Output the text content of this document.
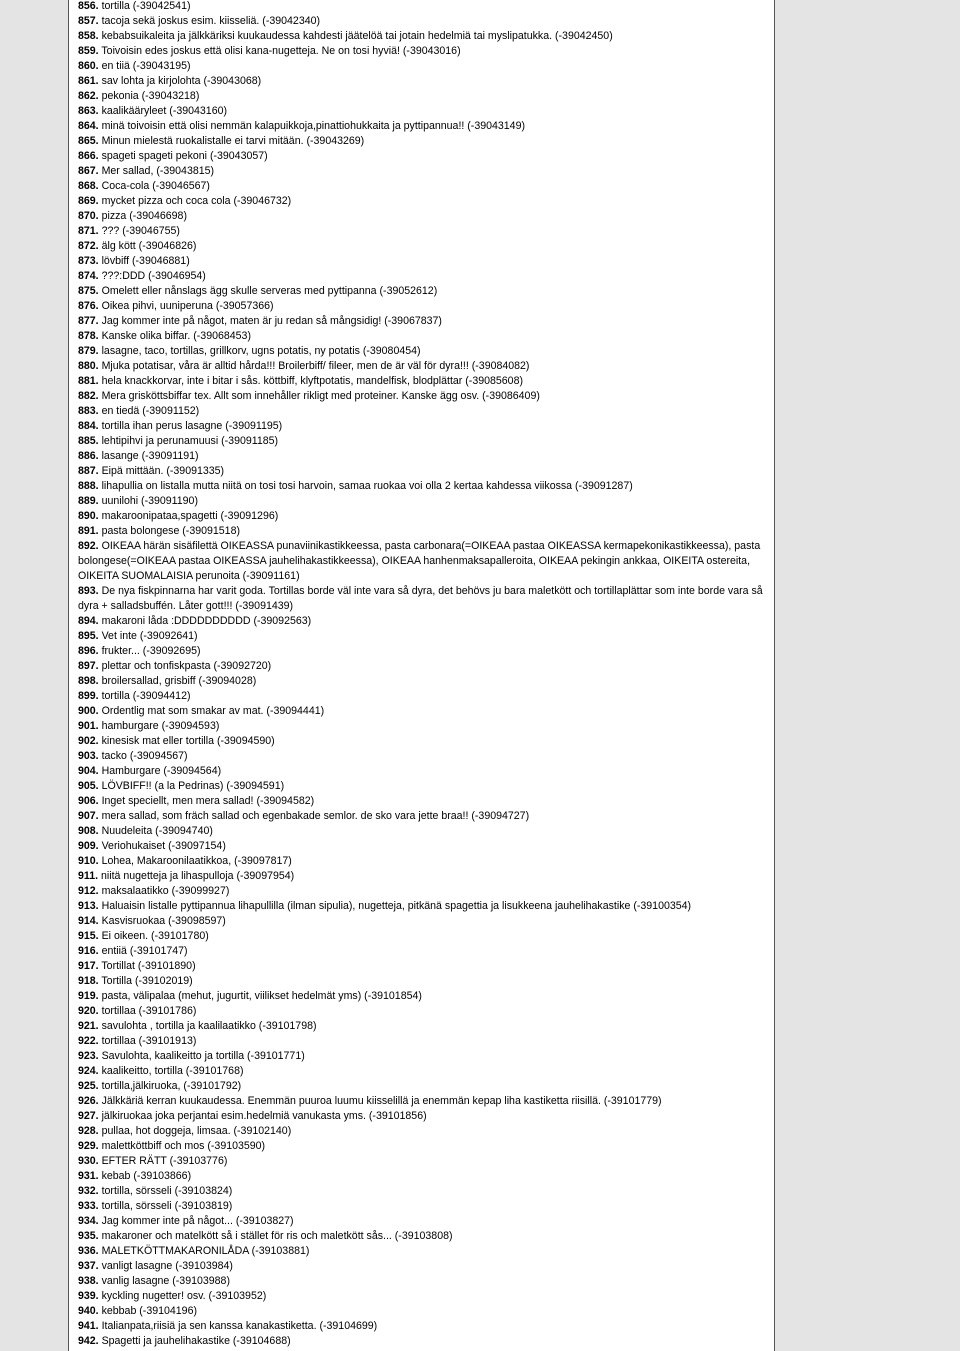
856. tortilla (-39042541)
857. tacoja sekä joskus esim. kiisseliä. (-39042340)
858. kebabsuikaleita ja jälkkäriksi kuukaudessa kahdesti jäätelöä tai jotain hedelmiä tai myslipatukka. (-39042450)
859. Toivoisin edes joskus että olisi kana-nugetteja. Ne on tosi hyviä! (-39043016)
860. en tiiä (-39043195)
861. sav lohta ja kirjolohta (-39043068)
862. pekonia (-39043218)
863. kaalikääryleet (-39043160)
864. minä toivoisin että olisi nemmän kalapuikkoja,pinattiohukkaita ja pyttipannua!! (-39043149)
865. Minun mielestä ruokalistalle ei tarvi mitään. (-39043269)
866. spageti spageti pekoni (-39043057)
867. Mer sallad, (-39043815)
868. Coca-cola (-39046567)
869. mycket pizza och coca cola (-39046732)
870. pizza (-39046698)
871. ??? (-39046755)
872. älg kött (-39046826)
873. lövbiff (-39046881)
874. ???:DDD (-39046954)
875. Omelett eller nånslags ägg skulle serveras med pyttipanna (-39052612)
876. Oikea pihvi, uuniperuna (-39057366)
877. Jag kommer inte på något, maten är ju redan så mångsidig! (-39067837)
878. Kanske olika biffar. (-39068453)
879. lasagne, taco, tortillas, grillkorv, ugns potatis, ny potatis (-39080454)
880. Mjuka potatisar, våra är alltid hårda!!! Broilerbiff/ fileer, men de är väl för dyra!!! (-39084082)
881. hela knackkorvar, inte i bitar i sås. köttbiff, klyftpotatis, mandelfisk, blodplättar (-39085608)
882. Mera grisköttsbiffar tex. Allt som innehåller rikligt med proteiner. Kanske ägg osv. (-39086409)
883. en tiedä (-39091152)
884. tortilla ihan perus lasagne (-39091195)
885. lehtipihvi ja perunamuusi (-39091185)
886. lasange (-39091191)
887. Eipä mittään. (-39091335)
888. lihapullia on listalla mutta niitä on tosi tosi harvoin, samaa ruokaa voi olla 2 kertaa kahdessa viikossa (-39091287)
889. uunilohi (-39091190)
890. makaroonipataa,spagetti (-39091296)
891. pasta bolongese (-39091518)
892. OIKEAA härän sisäfilettä OIKEASSA punaviinikastikkeessa, pasta carbonara(=OIKEAA pastaa OIKEASSA kermapekonikastikkeessa), pasta bolongese(=OIKEAA pastaa OIKEASSA jauhelihakastikkeessa), OIKEAA hanhenmaksapalleroita, OIKEAA pekingin ankkaa, OIKEITA ostereita, OIKEITA SUOMALAISIA perunoita (-39091161)
893. De nya fiskpinnarna har varit goda. Tortillas borde väl inte vara så dyra, det behövs ju bara maletkött och tortillaplättar som inte borde vara så dyra + salladsbuffén. Låter gott!!! (-39091439)
894. makaroni låda :DDDDDDDDDD (-39092563)
895. Vet inte (-39092641)
896. frukter... (-39092695)
897. plettar och tonfiskpasta (-39092720)
898. broilersallad, grisbiff (-39094028)
899. tortilla (-39094412)
900. Ordentlig mat som smakar av mat. (-39094441)
901. hamburgare (-39094593)
902. kinesisk mat eller tortilla (-39094590)
903. tacko (-39094567)
904. Hamburgare (-39094564)
905. LÖVBIFF!! (a la Pedrinas) (-39094591)
906. Inget speciellt, men mera sallad! (-39094582)
907. mera sallad, som fräch sallad och egenbakade semlor. de sko vara jette braa!! (-39094727)
908. Nuudeleita (-39094740)
909. Veriohukaiset (-39097154)
910. Lohea, Makaroonilaatikkoa, (-39097817)
911. niitä nugetteja ja lihaspulloja (-39097954)
912. maksalaatikko (-39099927)
913. Haluaisin listalle pyttipannua lihapullilla (ilman sipulia), nugetteja, pitkänä spagettia ja lisukkeena jauhelihakastike (-39100354)
914. Kasvisruokaa (-39098597)
915. Ei oikeen. (-39101780)
916. entiiä (-39101747)
917. Tortillat (-39101890)
918. Tortilla (-39102019)
919. pasta, välipalaa (mehut, jugurtit, viilikset hedelmät yms) (-39101854)
920. tortillaa (-39101786)
921. savulohta , tortilla ja kaalilaatikko (-39101798)
922. tortillaa (-39101913)
923. Savulohta, kaalikeitto ja tortilla (-39101771)
924. kaalikeitto, tortilla (-39101768)
925. tortilla,jälkiruoka, (-39101792)
926. Jälkkäriä kerran kuukaudessa. Enemmän puuroa luumu kiisselillä ja enemmän kepap liha kastiketta riisillä. (-39101779)
927. jälkiruokaa joka perjantai esim.hedelmiä vanukasta yms. (-39101856)
928. pullaa, hot doggeja, limsaa. (-39102140)
929. malettköttbiff och mos (-39103590)
930. EFTER RÄTT (-39103776)
931. kebab (-39103866)
932. tortilla, sörsseli (-39103824)
933. tortilla, sörsseli (-39103819)
934. Jag kommer inte på något... (-39103827)
935. makaroner och matelkött så i stället för ris och maletkött sås... (-39103808)
936. MALETKÖTTMAKARONILÅDA (-39103881)
937. vanligt lasagne (-39103984)
938. vanlig lasagne (-39103988)
939. kyckling nugetter! osv. (-39103952)
940. kebbab (-39104196)
941. Italianpata,riisiä ja sen kanssa kanakastiketta. (-39104699)
942. Spagetti ja jauhelihakastike (-39104688)
